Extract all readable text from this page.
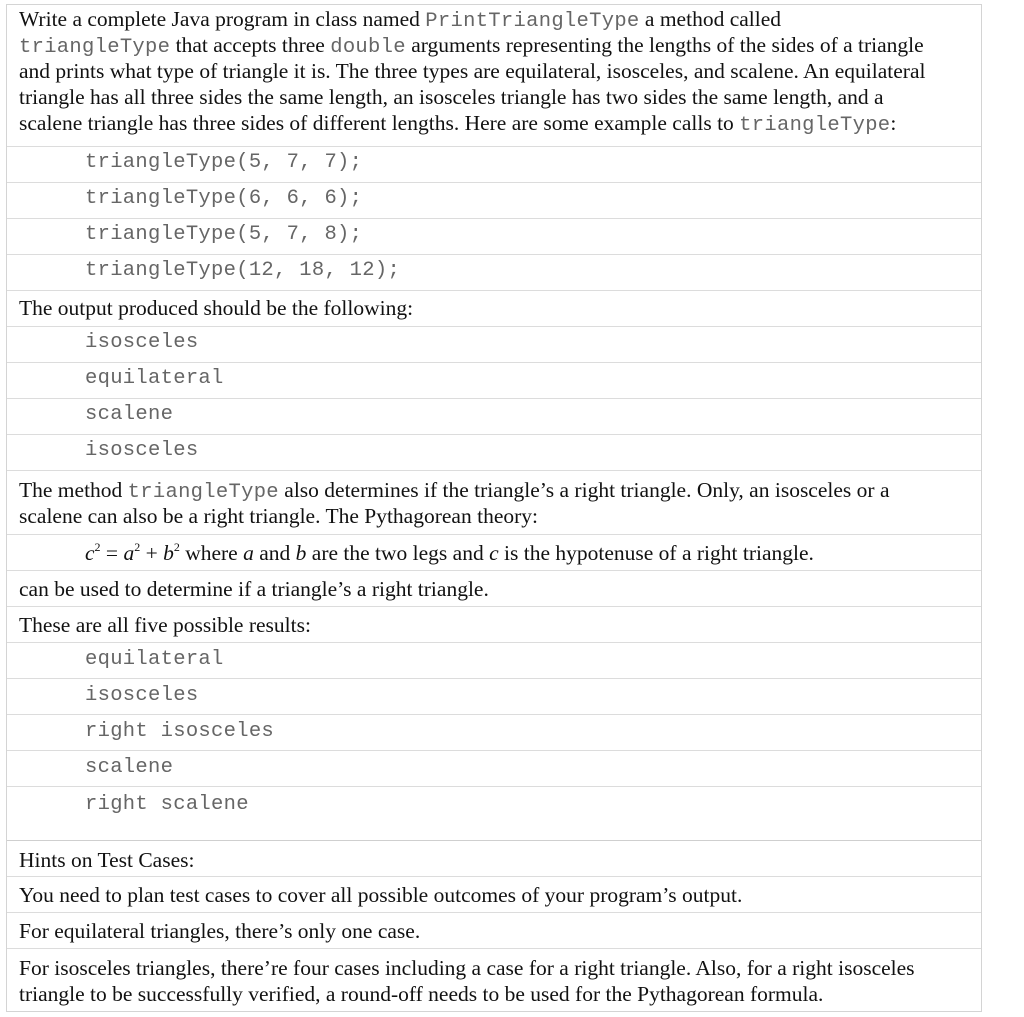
Write a complete Java program in class named PrintTriangleType a method called
triangleType that accepts three double arguments representing the lengths of the sides of a triangle
and prints what type of triangle it is. The three types are equilateral, isosceles, and scalene. An equilateral
triangle has all three sides the same length, an isosceles triangle has two sides the same length, and a
scalene triangle has three sides of different lengths. Here are some example calls to triangleType:
triangleType(5, 7, 7);
triangleType(6, 6, 6);
triangleType(5, 7, 8);
triangleType(12, 18, 12);
The output produced should be the following:
isosceles
equilateral
scalene
isosceles
The method triangleType also determines if the triangle’s a right triangle. Only, an isosceles or a
scalene can also be a right triangle. The Pythagorean theory:
$c^2 = a^2 + b^2$ where a and b are the two legs and c is the hypotenuse of a right triangle.
can be used to determine if a triangle’s a right triangle.
These are all five possible results:
equilateral
isosceles
right isosceles
scalene
right scalene
Hints on Test Cases:
You need to plan test cases to cover all possible outcomes of your program’s output.
For equilateral triangles, there’s only one case.
For isosceles triangles, there’re four cases including a case for a right triangle. Also, for a right isosceles
triangle to be successfully verified, a round-off needs to be used for the Pythagorean formula.
